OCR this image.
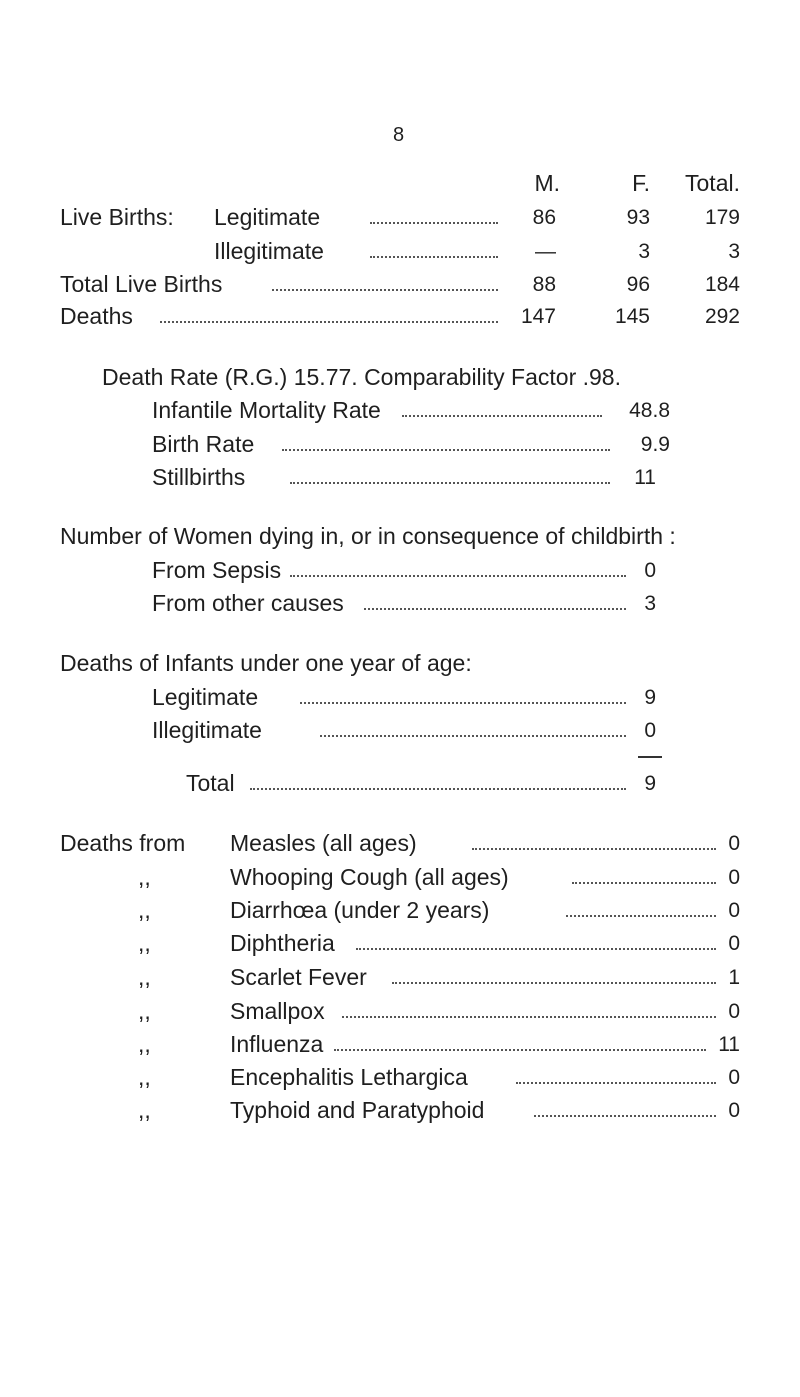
8
M.	F.	Total.
Live Births: Legitimate	86	93	179
Illegitimate	—	3	3
Total Live Births	88	96	184
Deaths	147	145	292
Death Rate (R.G.) 15.77. Comparability Factor .98.
Infantile Mortality Rate	48.8
Birth Rate	9.9
Stillbirths	11
Number of Women dying in, or in consequence of childbirth :
From Sepsis	0
From other causes	3
Deaths of Infants under one year of age:
Legitimate	9
Illegitimate	0
Total	9
Deaths from Measles (all ages)	0
,,	Whooping Cough (all ages)	0
,,	Diarrhœa (under 2 years)	0
,,	Diphtheria	0
,,	Scarlet Fever	1
,,	Smallpox	0
,,	Influenza	11
,,	Encephalitis Lethargica	0
,,	Typhoid and Paratyphoid	0
